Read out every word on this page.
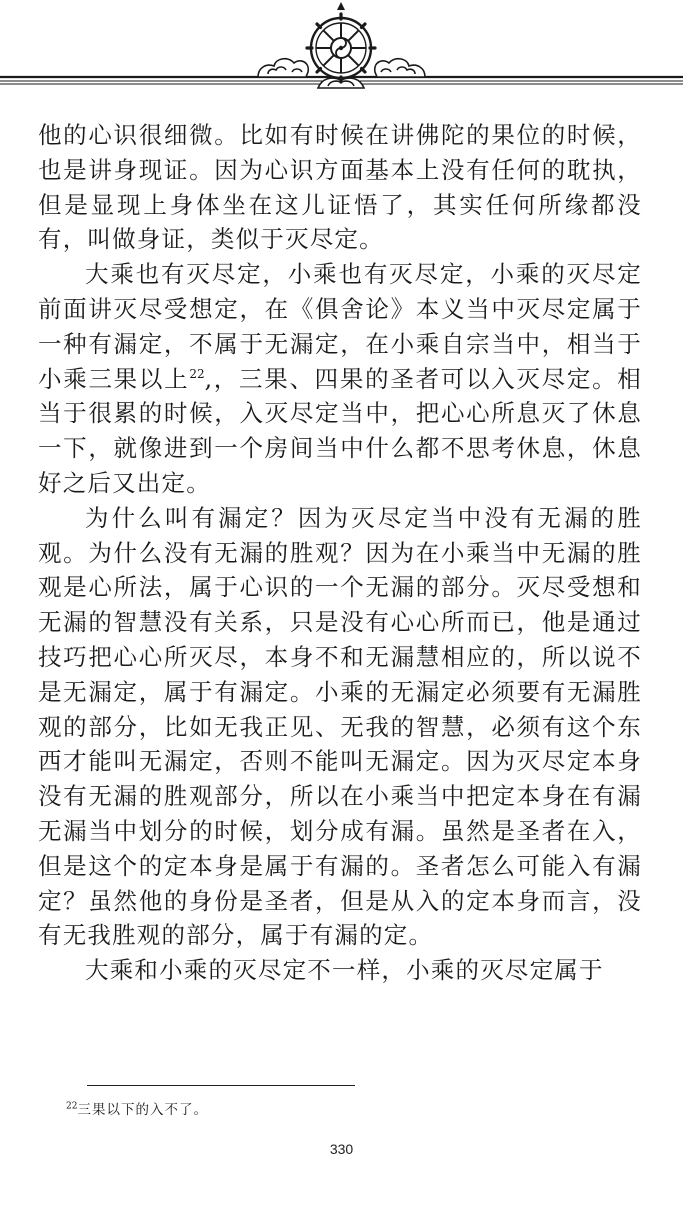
他的心识很细微。比如有时候在讲佛陀的果位的时候，也是讲身现证。因为心识方面基本上没有任何的耽执，但是显现上身体坐在这儿证悟了，其实任何所缘都没有，叫做身证，类似于灭尽定。

大乘也有灭尽定，小乘也有灭尽定，小乘的灭尽定前面讲灭尽受想定，在《俱舍论》本义当中灭尽定属于一种有漏定，不属于无漏定，在小乘自宗当中，相当于小乘三果以上$^{22}$,，三果、四果的圣者可以入灭尽定。相当于很累的时候，入灭尽定当中，把心心所息灭了休息一下，就像进到一个房间当中什么都不思考休息，休息好之后又出定。

为什么叫有漏定？因为灭尽定当中没有无漏的胜观。为什么没有无漏的胜观？因为在小乘当中无漏的胜观是心所法，属于心识的一个无漏的部分。灭尽受想和无漏的智慧没有关系，只是没有心心所而已，他是通过技巧把心心所灭尽，本身不和无漏慧相应的，所以说不是无漏定，属于有漏定。小乘的无漏定必须要有无漏胜观的部分，比如无我正见、无我的智慧，必须有这个东西才能叫无漏定，否则不能叫无漏定。因为灭尽定本身没有无漏的胜观部分，所以在小乘当中把定本身在有漏无漏当中划分的时候，划分成有漏。虽然是圣者在入，但是这个的定本身是属于有漏的。圣者怎么可能入有漏定？虽然他的身份是圣者，但是从入的定本身而言，没有无我胜观的部分，属于有漏的定。

大乘和小乘的灭尽定不一样，小乘的灭尽定属于

$^{22}$三果以下的入不了。
330
